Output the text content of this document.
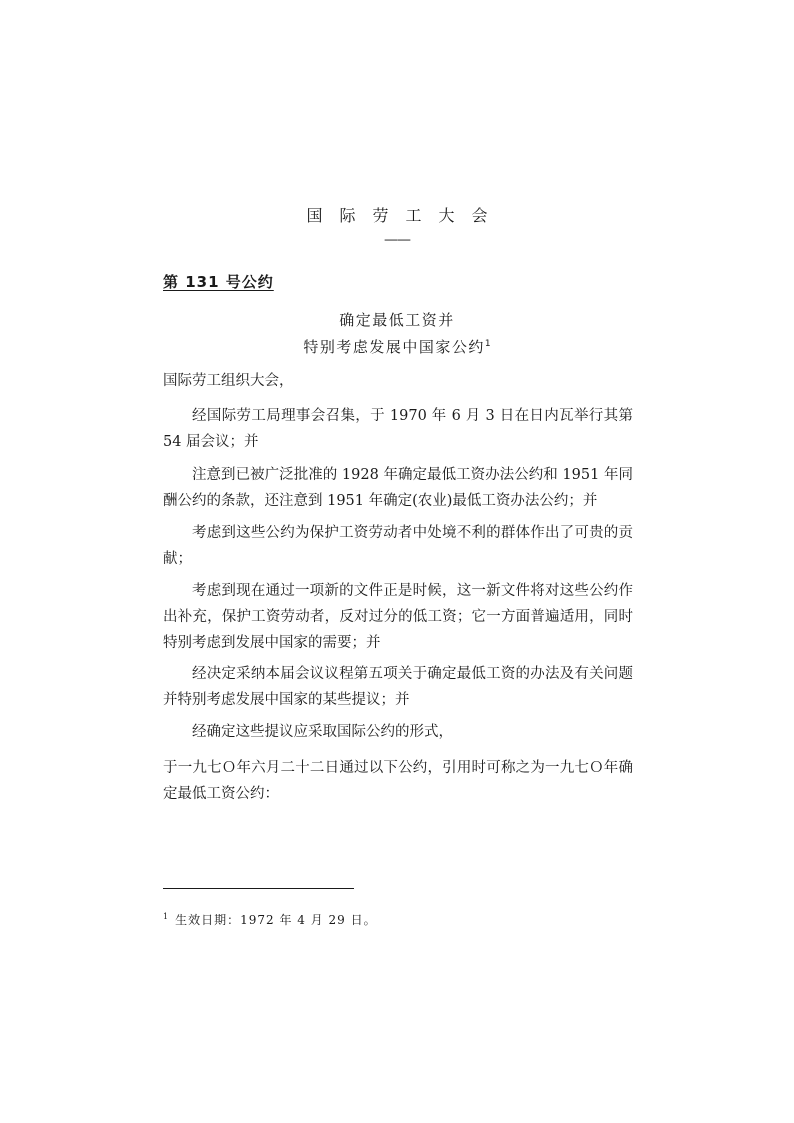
国际劳工大会
——
第 131 号公约
确定最低工资并
特别考虑发展中国家公约$^1$
国际劳工组织大会，
经国际劳工局理事会召集，于 1970 年 6 月 3 日在日内瓦举行其第 54 届会议；并
注意到已被广泛批准的 1928 年确定最低工资办法公约和 1951 年同酬公约的条款，还注意到 1951 年确定(农业)最低工资办法公约；并
考虑到这些公约为保护工资劳动者中处境不利的群体作出了可贵的贡献；
考虑到现在通过一项新的文件正是时候，这一新文件将对这些公约作出补充，保护工资劳动者，反对过分的低工资；它一方面普遍适用，同时特别考虑到发展中国家的需要；并
经决定采纳本届会议议程第五项关于确定最低工资的办法及有关问题并特别考虑发展中国家的某些提议；并
经确定这些提议应采取国际公约的形式，
于一九七Ｏ年六月二十二日通过以下公约，引用时可称之为一九七Ｏ年确定最低工资公约：
$^1$ 生效日期：1972 年 4 月 29 日。
